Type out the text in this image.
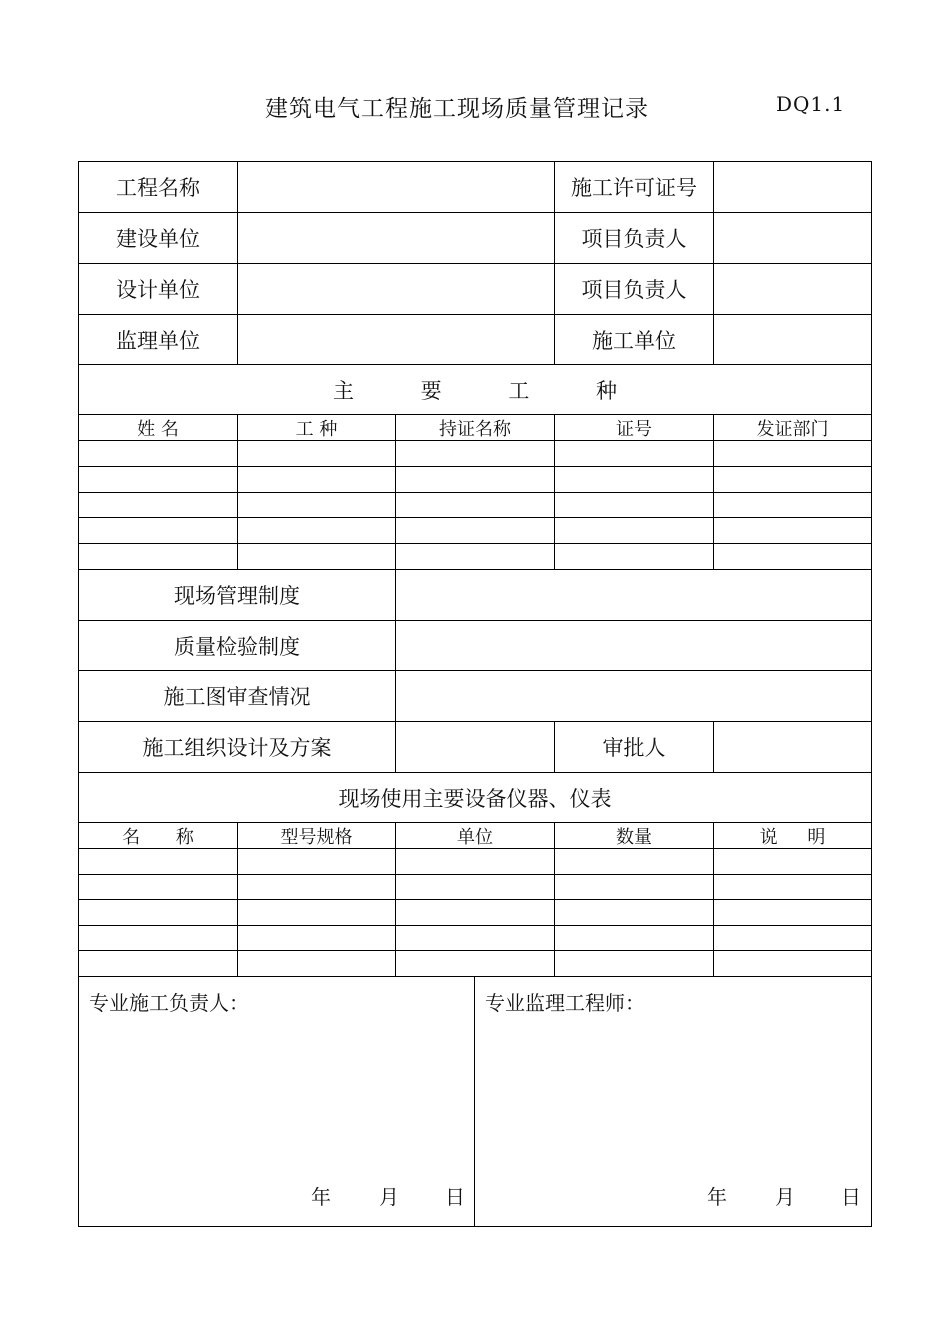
建筑电气工程施工现场质量管理记录	DQ1.1
工程名称	施工许可证号
建设单位	项目负责人
设计单位	项目负责人
监理单位	施工单位
主 要 工 种
姓 名	工 种	持证名称	证号	发证部门
现场管理制度
质量检验制度
施工图审查情况
施工组织设计及方案	审批人
现场使用主要设备仪器、仪表
名 称	型号规格	单位	数量	说 明
专业施工负责人：
年 月 日
专业监理工程师：
年 月 日
